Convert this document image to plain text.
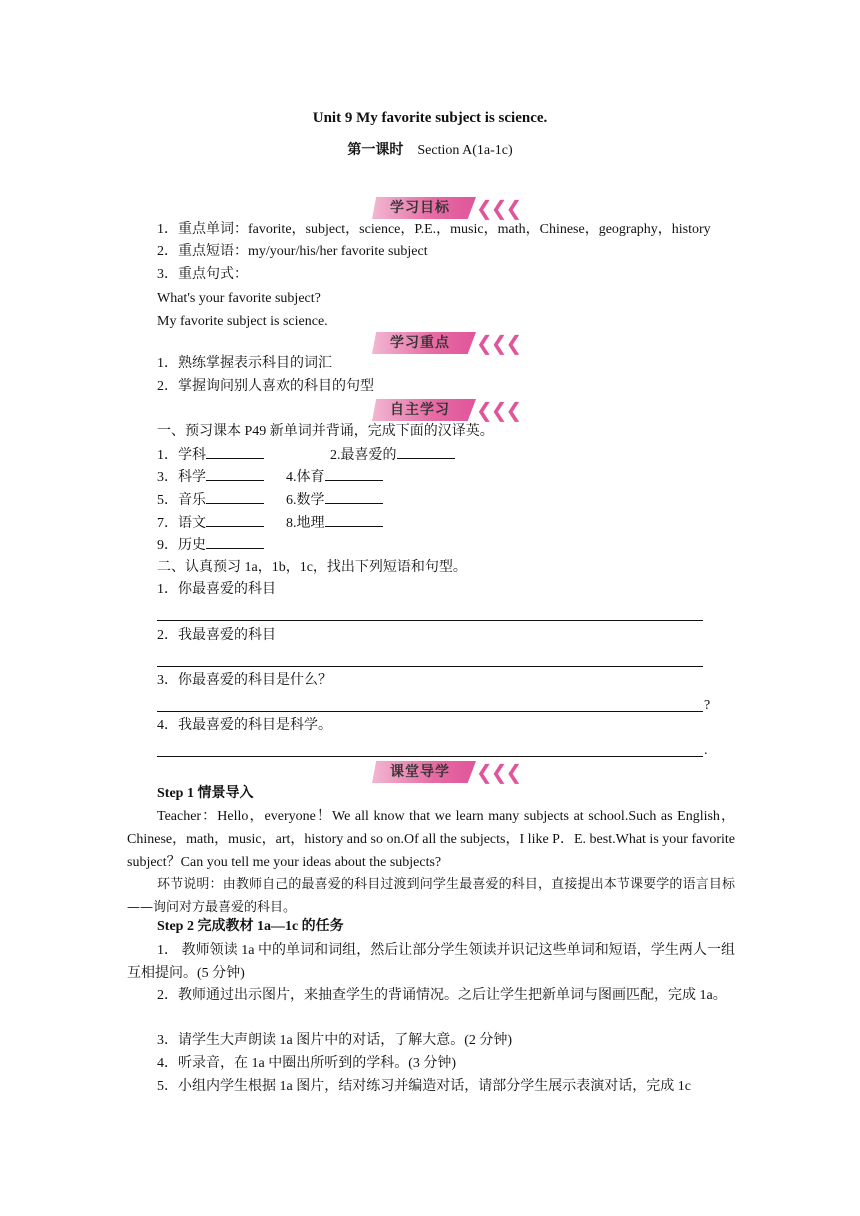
Unit 9 My favorite subject is science.
第一课时 Section A(1a-1c)
学习目标	❮❮❮
1．重点单词：favorite，subject，science，P.E.，music，math，Chinese，geography，history
2．重点短语：my/your/his/her favorite subject
3．重点句式：
What's your favorite subject?
My favorite subject is science.
学习重点	❮❮❮
1．熟练掌握表示科目的词汇
2．掌握询问别人喜欢的科目的句型
自主学习	❮❮❮
一、预习课本 P49 新单词并背诵，完成下面的汉译英。
1．学科	2.最喜爱的
3．科学	4.体育
5．音乐	6.数学
7．语文	8.地理
9．历史
二、认真预习 1a，1b，1c，找出下列短语和句型。
1．你最喜爱的科目
2．我最喜爱的科目
3．你最喜爱的科目是什么？
?
4．我最喜爱的科目是科学。
.
课堂导学	❮❮❮
Step 1 情景导入
Teacher：Hello，everyone！We all know that we learn many subjects at school.Such as English，Chinese，math，music，art，history and so on.Of all the subjects，I like P．E. best.What is your favorite subject？Can you tell me your ideas about the subjects?
环节说明：由教师自己的最喜爱的科目过渡到问学生最喜爱的科目，直接提出本节课要学的语言目标——询问对方最喜爱的科目。
Step 2 完成教材 1a—1c 的任务
1． 教师领读 1a 中的单词和词组，然后让部分学生领读并识记这些单词和短语，学生两人一组互相提问。(5 分钟)
2．教师通过出示图片，来抽查学生的背诵情况。之后让学生把新单词与图画匹配，完成 1a。
3．请学生大声朗读 1a 图片中的对话，了解大意。(2 分钟)
4．听录音，在 1a 中圈出所听到的学科。(3 分钟)
5．小组内学生根据 1a 图片，结对练习并编造对话，请部分学生展示表演对话，完成 1c
